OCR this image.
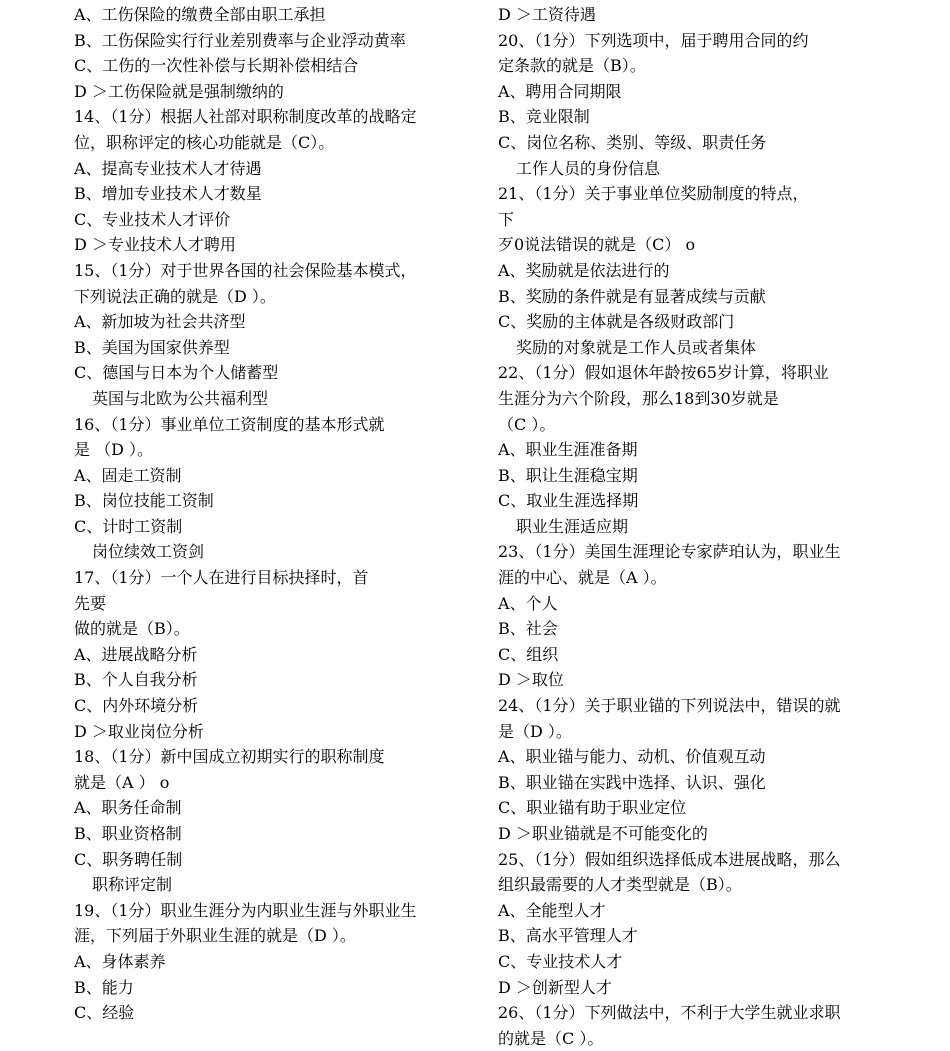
A、工伤保险的缴费全部由职工承担
B、工伤保险实行行业差别费率与企业浮动黄率
C、工伤的一次性补偿与长期补偿相结合
D ＞工伤保险就是强制缴纳的
14、（1分）根据人社部对职称制度改革的战略定
位，职称评定的核心功能就是（C）。
A、提高专业技术人才待遇
B、增加专业技术人才数星
C、专业技术人才评价
D ＞专业技术人才聘用
15、（1分）对于世界各国的社会保险基本模式，
下列说法正确的就是（D ）。
A、新加坡为社会共济型
B、美国为国家供养型
C、德国与日本为个人储蓄型
英国与北欧为公共福利型
16、（1分）事业单位工资制度的基本形式就
是 （D ）。
A、固走工资制
B、岗位技能工资制
C、计时工资制
岗位续效工资剑
17、（1分）一个人在进行目标抉择时，首
先要
做的就是（B）。
A、进展战略分析
B、个人自我分析
C、内外环境分析
D ＞取业岗位分析
18、（1分）新中国成立初期实行的职称制度
就是（A ） o
A、职务任命制
B、职业资格制
C、职务聘任制
职称评定制
19、（1分）职业生涯分为内职业生涯与外职业生
涯，下列届于外职业生涯的就是（D ）。
A、身体素养
B、能力
C、经验
D ＞工资待遇
20、（1分）下列选项中，届于聘用合同的约
定条款的就是（B）。
A、聘用合同期限
B、竞业限制
C、岗位名称、类别、等级、职责任务
工作人员的身份信息
21、（1分）关于事业单位奖励制度的特点，
下
歹0说法错误的就是（C） o
A、奖励就是依法进行的
B、奖励的条件就是有显著成续与贡献
C、奖励的主体就是各级财政部门
奖励的对象就是工作人员或者集体
22、（1分）假如退休年龄按65岁计算，将职业
生涯分为六个阶段，那么18到30岁就是
（C ）。
A、职业生涯准备期
B、职让生涯稳宝期
C、取业生涯选择期
职业生涯适应期
23、（1分）美国生涯理论专家萨珀认为，职业生
涯的中心、就是（A ）。
A、个人
B、社会
C、组织
D ＞取位
24、（1分）关于职业锚的下列说法中，错误的就
是（D ）。
A、职业锚与能力、动机、价值观互动
B、职业锚在实践中选择、认识、强化
C、职业锚有助于职业定位
D ＞职业锚就是不可能变化的
25、（1分）假如组织选择低成本进展战略，那么
组织最需要的人才类型就是（B）。
A、全能型人才
B、高水平管理人才
C、专业技术人才
D ＞创新型人才
26、（1分）下列做法中，不利于大学生就业求职
的就是（C ）。
